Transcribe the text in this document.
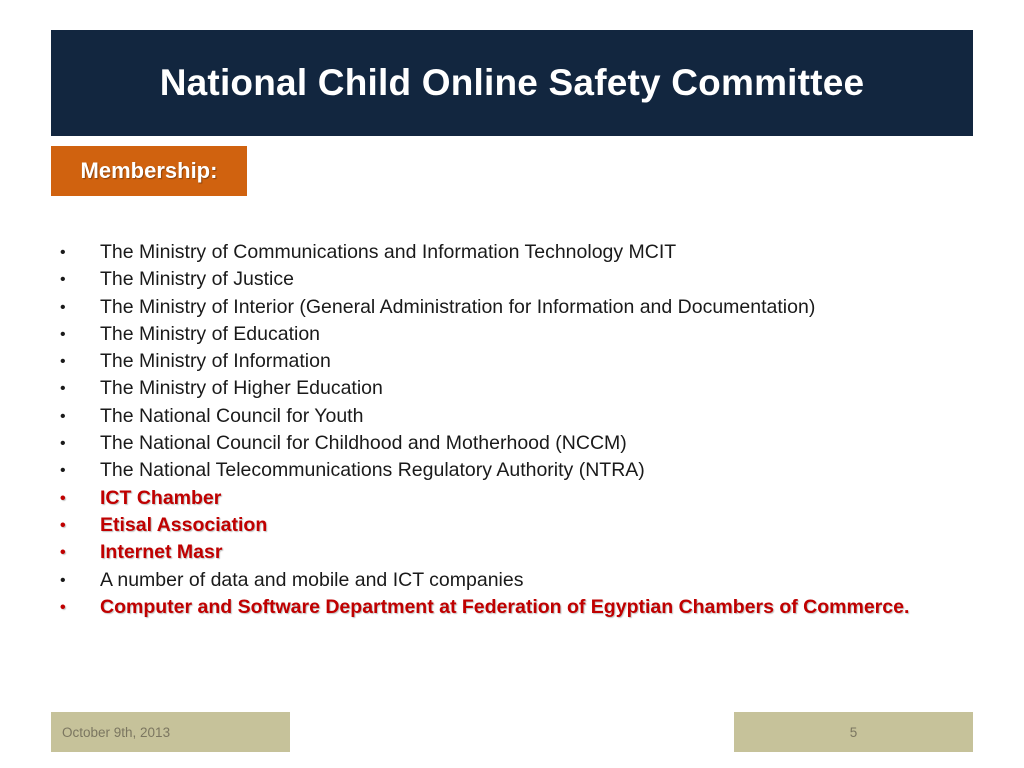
National Child Online Safety Committee
Membership:
•	The Ministry of Communications and Information Technology MCIT
•	The Ministry of Justice
•	The Ministry of Interior (General Administration for Information and Documentation)
•	The Ministry of Education
•	The Ministry of Information
•	The Ministry of Higher Education
•	The National Council for Youth
•	The National Council for Childhood and Motherhood (NCCM)
•	The National Telecommunications Regulatory Authority (NTRA)
•	ICT Chamber
•	Etisal Association
•	Internet Masr
•	A number of data and mobile and ICT companies
•	Computer and Software Department at Federation of Egyptian Chambers of Commerce.
October 9th, 2013	5
